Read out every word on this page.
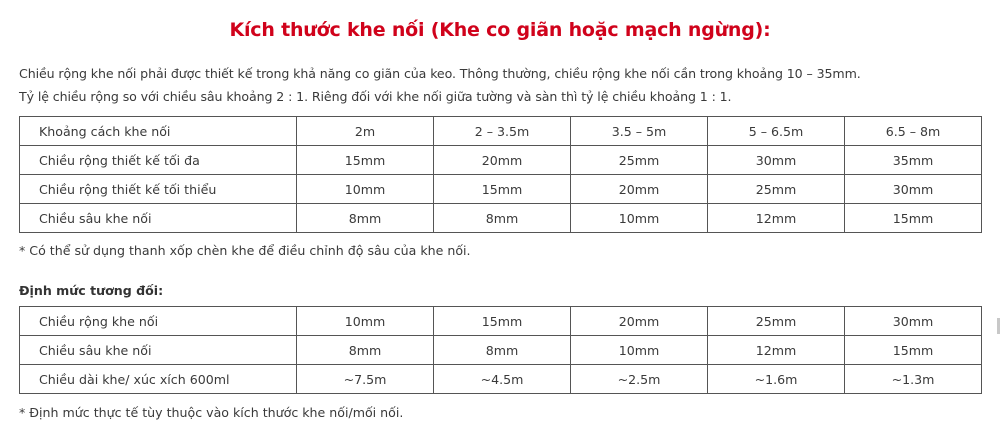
Kích thước khe nối (Khe co giãn hoặc mạch ngừng):
Chiều rộng khe nối phải được thiết kế trong khả năng co giãn của keo. Thông thường, chiều rộng khe nối cần trong khoảng 10 – 35mm.
Tỷ lệ chiều rộng so với chiều sâu khoảng 2 : 1. Riêng đối với khe nối giữa tường và sàn thì tỷ lệ chiều khoảng 1 : 1.
Khoảng cách khe nối	2m	2 – 3.5m	3.5 – 5m	5 – 6.5m	6.5 – 8m
Chiều rộng thiết kế tối đa	15mm	20mm	25mm	30mm	35mm
Chiều rộng thiết kế tối thiểu	10mm	15mm	20mm	25mm	30mm
Chiều sâu khe nối	8mm	8mm	10mm	12mm	15mm
* Có thể sử dụng thanh xốp chèn khe để điều chỉnh độ sâu của khe nối.
Định mức tương đối:
Chiều rộng khe nối	10mm	15mm	20mm	25mm	30mm
Chiều sâu khe nối	8mm	8mm	10mm	12mm	15mm
Chiều dài khe/ xúc xích 600ml	~7.5m	~4.5m	~2.5m	~1.6m	~1.3m
* Định mức thực tế tùy thuộc vào kích thước khe nối/mối nối.
